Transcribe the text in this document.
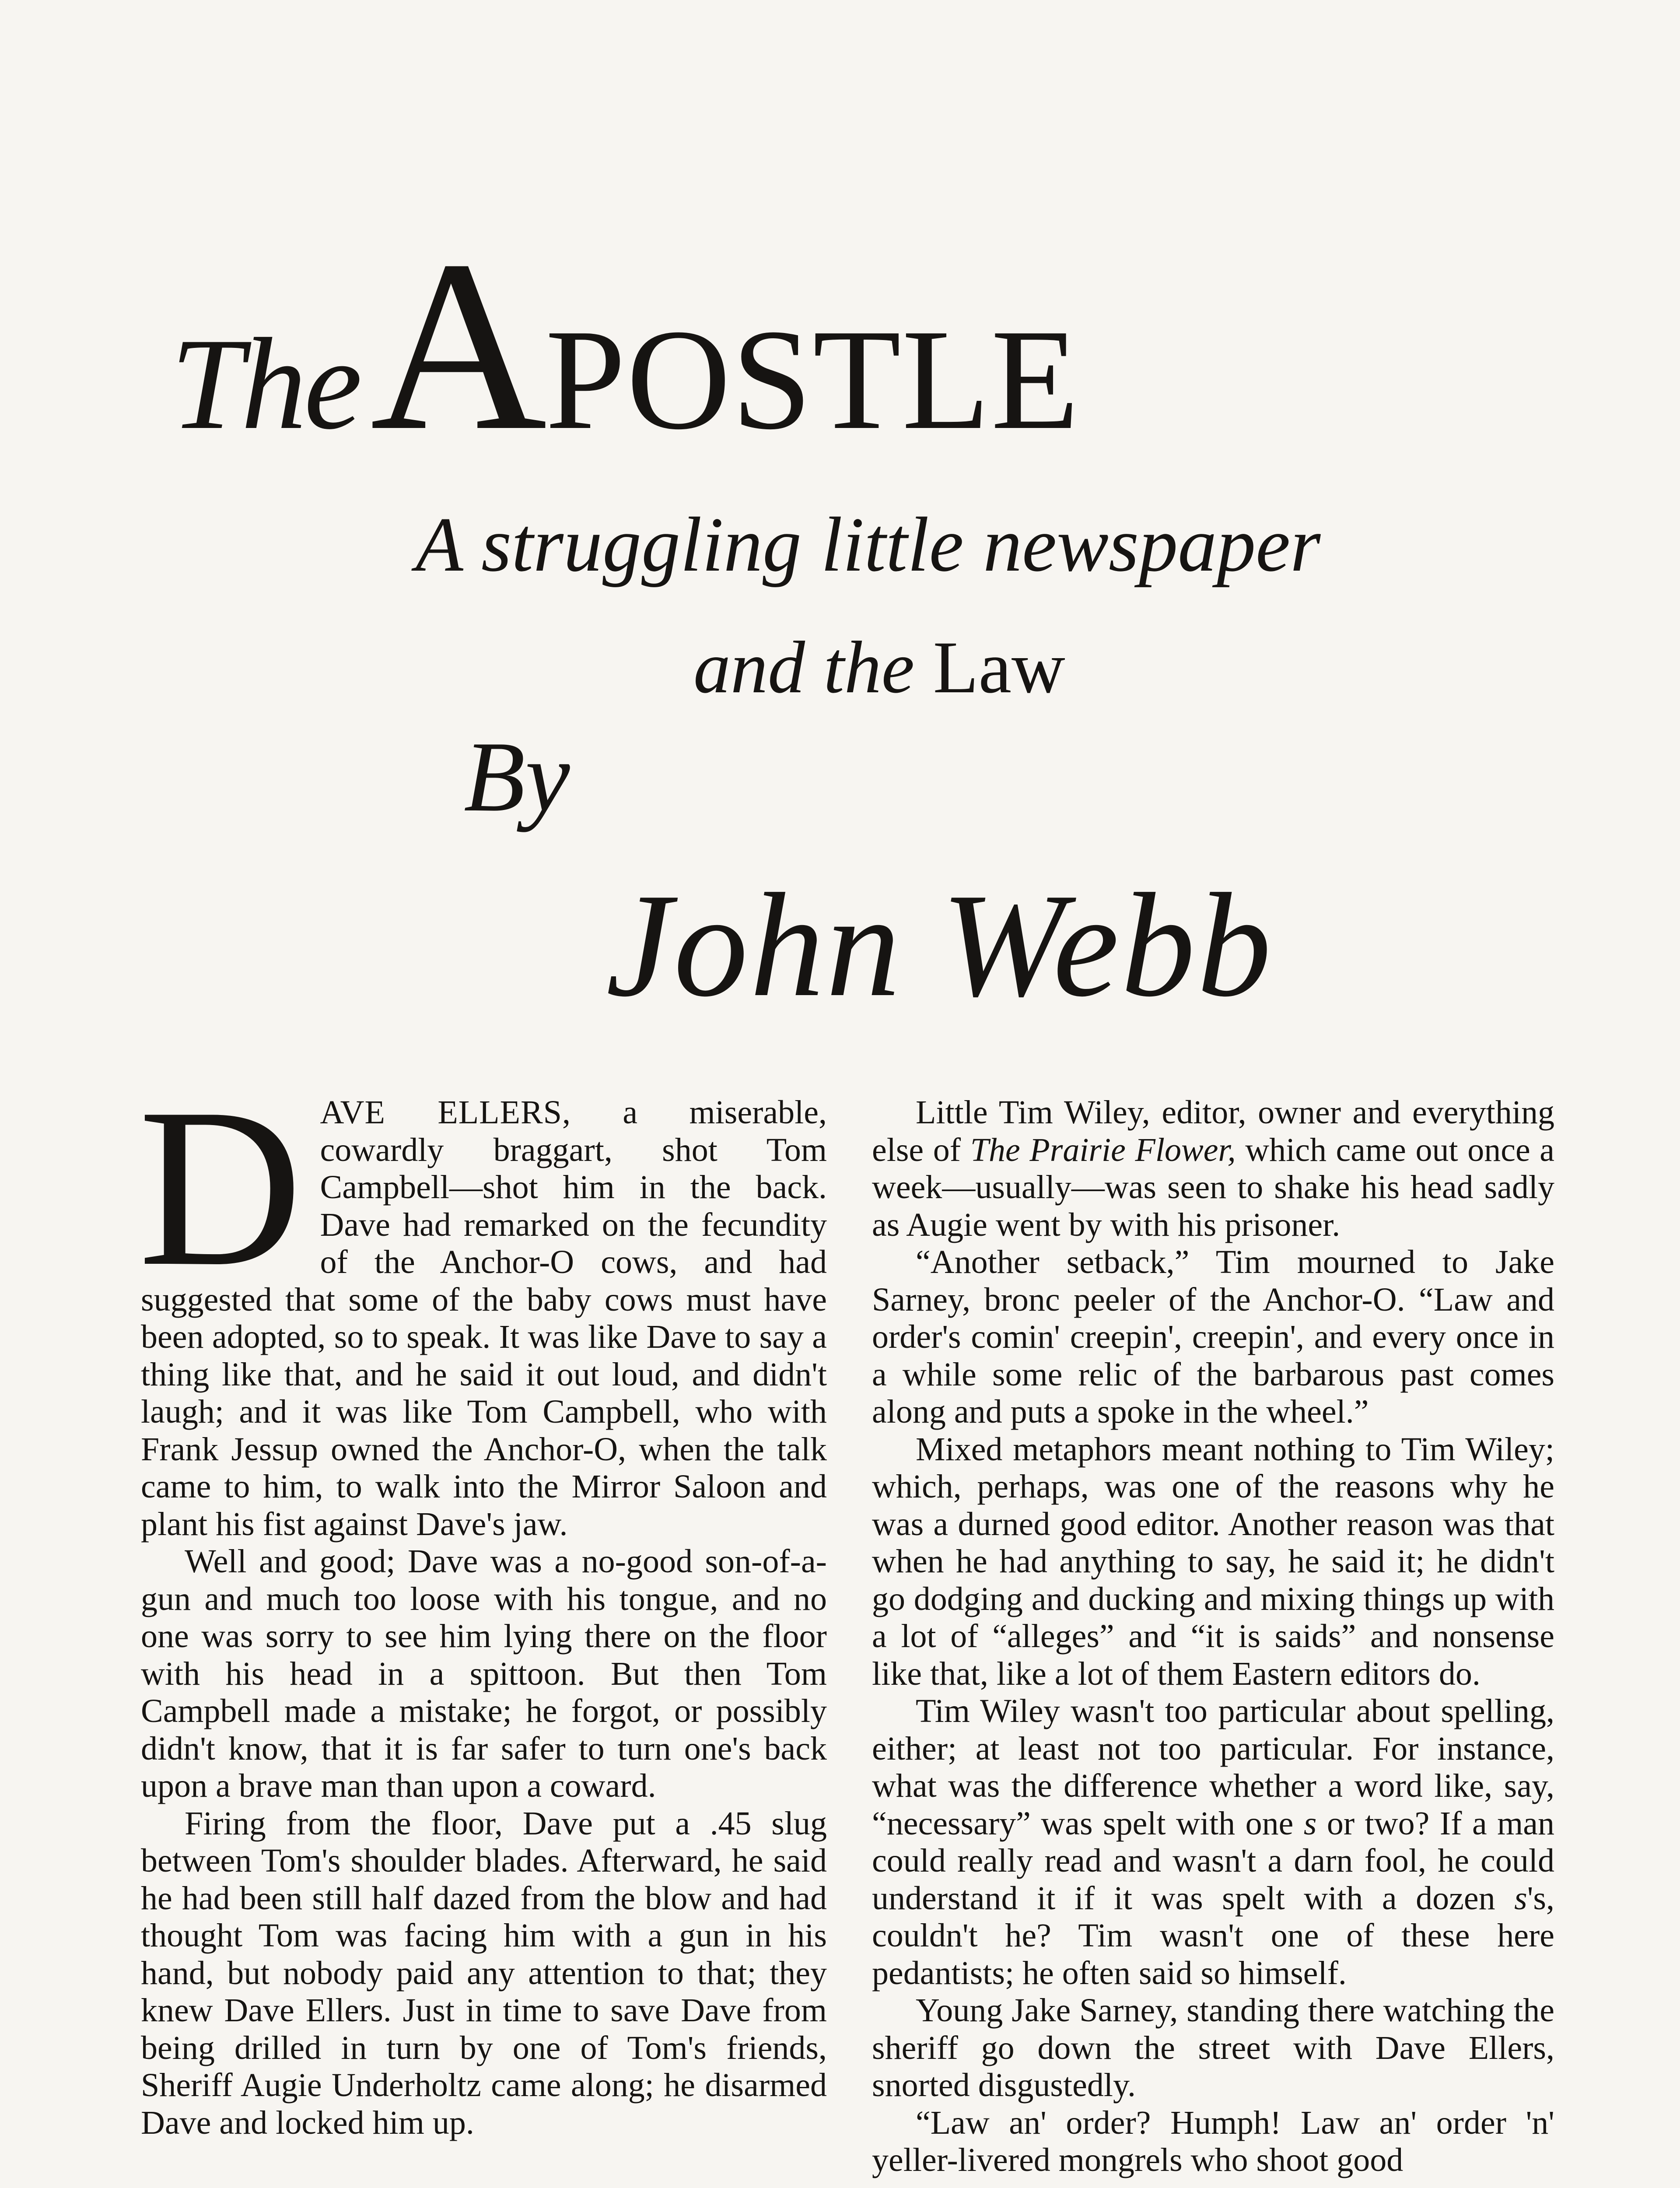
TheAPOSTLE
A struggling little newspaper
and the Law
By
John Webb

DAVE ELLERS, a miserable, cowardly braggart, shot Tom Campbell—shot him in the back. Dave had remarked on the fecundity of the Anchor-O cows, and had suggested that some of the baby cows must have been adopted, so to speak. It was like Dave to say a thing like that, and he said it out loud, and didn't laugh; and it was like Tom Campbell, who with Frank Jessup owned the Anchor-O, when the talk came to him, to walk into the Mirror Saloon and plant his fist against Dave's jaw.

Well and good; Dave was a no-good son-of-a-gun and much too loose with his tongue, and no one was sorry to see him lying there on the floor with his head in a spittoon. But then Tom Campbell made a mistake; he forgot, or possibly didn't know, that it is far safer to turn one's back upon a brave man than upon a coward.

Firing from the floor, Dave put a .45 slug between Tom's shoulder blades. Afterward, he said he had been still half dazed from the blow and had thought Tom was facing him with a gun in his hand, but nobody paid any attention to that; they knew Dave Ellers. Just in time to save Dave from being drilled in turn by one of Tom's friends, Sheriff Augie Underholtz came along; he disarmed Dave and locked him up.

Little Tim Wiley, editor, owner and everything else of The Prairie Flower, which came out once a week—usually—was seen to shake his head sadly as Augie went by with his prisoner.

“Another setback,” Tim mourned to Jake Sarney, bronc peeler of the Anchor-O. “Law and order's comin' creepin', creepin', and every once in a while some relic of the barbarous past comes along and puts a spoke in the wheel.”

Mixed metaphors meant nothing to Tim Wiley; which, perhaps, was one of the reasons why he was a durned good editor. Another reason was that when he had anything to say, he said it; he didn't go dodging and ducking and mixing things up with a lot of “alleges” and “it is saids” and nonsense like that, like a lot of them Eastern editors do.

Tim Wiley wasn't too particular about spelling, either; at least not too particular. For instance, what was the difference whether a word like, say, “necessary” was spelt with one s or two? If a man could really read and wasn't a darn fool, he could understand it if it was spelt with a dozen s's, couldn't he? Tim wasn't one of these here pedantists; he often said so himself.

Young Jake Sarney, standing there watching the sheriff go down the street with Dave Ellers, snorted disgustedly.

“Law an' order? Humph! Law an' order 'n' yeller-livered mongrels who shoot good
